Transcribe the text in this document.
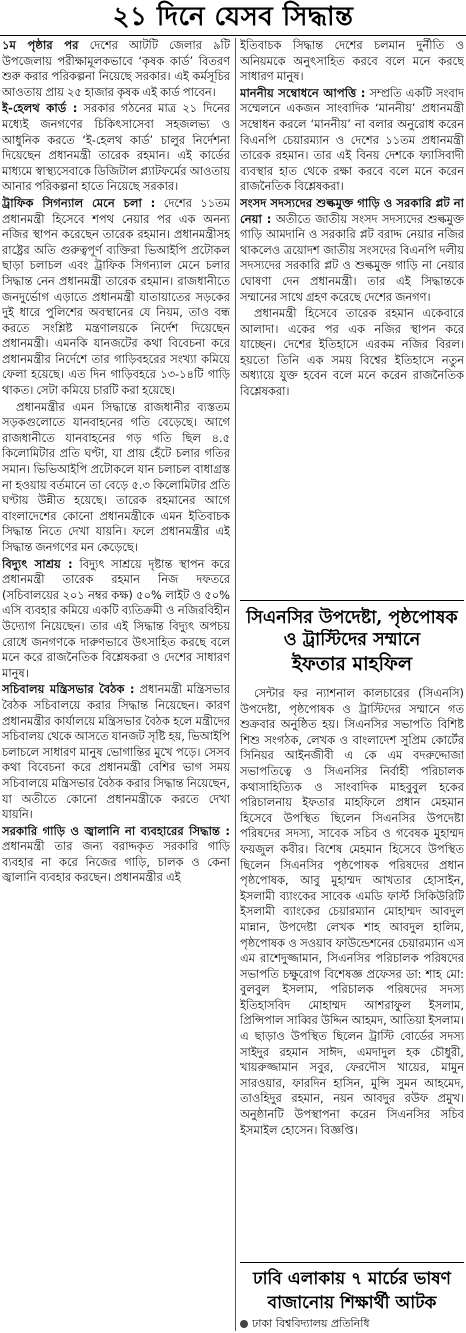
২১ দিনে যেসব সিদ্ধান্ত

১ম পৃষ্ঠার পর দেশের আটটি জেলার ৯টি উপজেলায় পরীক্ষামূলকভাবে ‘কৃষক কার্ড’ বিতরণ শুরু করার পরিকল্পনা নিয়েছে সরকার। এই কর্মসূচির আওতায় প্রায় ২৫ হাজার কৃষক এই কার্ড পাবেন।

ই-হেলথ কার্ড : সরকার গঠনের মাত্র ২১ দিনের মধ্যেই জনগণের চিকিৎসাসেবা সহজলভ্য ও আধুনিক করতে ‘ই-হেলথ কার্ড’ চালুর নির্দেশনা দিয়েছেন প্রধানমন্ত্রী তারেক রহমান। এই কার্ডের মাধ্যমে স্বাস্থ্যসেবাকে ডিজিটাল প্ল্যাটফর্মের আওতায় আনার পরিকল্পনা হাতে নিয়েছে সরকার।

ট্রাফিক সিগন্যাল মেনে চলা : দেশের ১১তম প্রধানমন্ত্রী হিসেবে শপথ নেয়ার পর এক অনন্য নজির স্থাপন করেছেন তারেক রহমান। প্রধানমন্ত্রীসহ রাষ্ট্রের অতি গুরুত্বপূর্ণ ব্যক্তিরা ভিআইপি প্রটোকল ছাড়া চলাচল এবং ট্রাফিক সিগন্যাল মেনে চলার সিদ্ধান্ত নেন প্রধানমন্ত্রী তারেক রহমান। রাজধানীতে জনদুর্ভোগ এড়াতে প্রধানমন্ত্রী যাতায়াতের সড়কের দুই ধারে পুলিশের অবস্থানের যে নিয়ম, তাও বন্ধ করতে সংশ্লিষ্ট মন্ত্রণালয়কে নির্দেশ দিয়েছেন প্রধানমন্ত্রী। এমনকি যানজটের কথা বিবেচনা করে প্রধানমন্ত্রীর নির্দেশে তার গাড়িবহরের সংখ্যা কমিয়ে ফেলা হয়েছে। এত দিন গাড়িবহরে ১৩-১৪টি গাড়ি থাকত। সেটা কমিয়ে চারটি করা হয়েছে।

প্রধানমন্ত্রীর এমন সিদ্ধান্তে রাজধানীর ব্যস্ততম সড়কগুলোতে যানবাহনের গতি বেড়েছে। আগে রাজধানীতে যানবাহনের গড় গতি ছিল ৪.৫ কিলোমিটার প্রতি ঘণ্টা, যা প্রায় হেঁটে চলার গতির সমান। ভিভিআইপি প্রটোকলে যান চলাচল বাধাগ্রস্ত না হওয়ায় বর্তমানে তা বেড়ে ৫.৩ কিলোমিটার প্রতি ঘণ্টায় উন্নীত হয়েছে। তারেক রহমানের আগে বাংলাদেশের কোনো প্রধানমন্ত্রীকে এমন ইতিবাচক সিদ্ধান্ত নিতে দেখা যায়নি। ফলে প্রধানমন্ত্রীর এই সিদ্ধান্ত জনগণের মন কেড়েছে।

বিদ্যুৎ সাশ্রয় : বিদ্যুৎ সাশ্রয়ে দৃষ্টান্ত স্থাপন করে প্রধানমন্ত্রী তারেক রহমান নিজ দফতরে (সচিবালয়ের ২০১ নম্বর কক্ষ) ৫০% লাইট ও ৫০% এসি ব্যবহার কমিয়ে একটি ব্যতিক্রমী ও নজিরবিহীন উদ্যোগ নিয়েছেন। তার এই সিদ্ধান্ত বিদ্যুৎ অপচয় রোধে জনগণকে দারুণভাবে উৎসাহিত করছে বলে মনে করে রাজনৈতিক বিশ্লেষকরা ও দেশের সাধারণ মানুষ।

সচিবালয় মন্ত্রিসভার বৈঠক : প্রধানমন্ত্রী মন্ত্রিসভার বৈঠক সচিবালয়ে করার সিদ্ধান্ত নিয়েছেন। কারণ প্রধানমন্ত্রীর কার্যালয়ে মন্ত্রিসভার বৈঠক হলে মন্ত্রীদের সচিবালয় থেকে আসতে যানজট সৃষ্টি হয়, ভিআইপি চলাচলে সাধারণ মানুষ ভোগান্তির মুখে পড়ে। সেসব কথা বিবেচনা করে প্রধানমন্ত্রী বেশির ভাগ সময় সচিবালয়ে মন্ত্রিসভার বৈঠক করার সিদ্ধান্ত নিয়েছেন, যা অতীতে কোনো প্রধানমন্ত্রীকে করতে দেখা যায়নি।

সরকারি গাড়ি ও জ্বালানি না ব্যবহারের সিদ্ধান্ত : প্রধানমন্ত্রী তার জন্য বরাদ্দকৃত সরকারি গাড়ি ব্যবহার না করে নিজের গাড়ি, চালক ও কেনা জ্বালানি ব্যবহার করছেন। প্রধানমন্ত্রীর এই

ইতিবাচক সিদ্ধান্ত দেশের চলমান দুর্নীতি ও অনিয়মকে অনুৎসাহিত করবে বলে মনে করছে সাধারণ মানুষ।

মাননীয় সম্বোধনে আপত্তি : সম্প্রতি একটি সংবাদ সম্মেলনে একজন সাংবাদিক ‘মাননীয়’ প্রধানমন্ত্রী সম্বোধন করলে ‘মাননীয়’ না বলার অনুরোধ করেন বিএনপি চেয়ারম্যান ও দেশের ১১তম প্রধানমন্ত্রী তারেক রহমান। তার এই বিনয় দেশকে ফ্যাসিবাদী ব্যবস্থার হাত থেকে রক্ষা করবে বলে মনে করেন রাজনৈতিক বিশ্লেষকরা।

সংসদ সদস্যদের শুল্কমুক্ত গাড়ি ও সরকারি প্লট না নেয়া : অতীতে জাতীয় সংসদ সদস্যদের শুল্কমুক্ত গাড়ি আমদানি ও সরকারি প্লট বরাদ্দ নেয়ার নজির থাকলেও ত্রয়োদশ জাতীয় সংসদের বিএনপি দলীয় সদস্যদের সরকারি প্লট ও শুল্কমুক্ত গাড়ি না নেয়ার ঘোষণা দেন প্রধানমন্ত্রী। তার এই সিদ্ধান্তকে সম্মানের সাথে গ্রহণ করেছে দেশের জনগণ।

প্রধানমন্ত্রী হিসেবে তারেক রহমান একেবারে আলাদা। একের পর এক নজির স্থাপন করে যাচ্ছেন। দেশের ইতিহাসে এরকম নজির বিরল। হয়তো তিনি এক সময় বিশ্বের ইতিহাসে নতুন অধ্যায়ে যুক্ত হবেন বলে মনে করেন রাজনৈতিক বিশ্লেষকরা।

সিএনসির উপদেষ্টা, পৃষ্ঠপোষক
ও ট্রাস্টিদের সম্মানে
ইফতার মাহফিল

সেন্টার ফর ন্যাশনাল কালচারের (সিএনসি) উপদেষ্টা, পৃষ্ঠপোষক ও ট্রাস্টিদের সম্মানে গত শুক্রবার অনুষ্ঠিত হয়। সিএনসির সভাপতি বিশিষ্ট শিশু সংগঠক, লেখক ও বাংলাদেশ সুপ্রিম কোর্টের সিনিয়র আইনজীবী এ কে এম বদরুদ্দোজা সভাপতিত্বে ও সিএনসির নির্বাহী পরিচালক কথাসাহিত্যিক ও সাংবাদিক মাহবুবুল হকের পরিচালনায় ইফতার মাহফিলে প্রধান মেহমান হিসেবে উপস্থিত ছিলেন সিএনসির উপদেষ্টা পরিষদের সদস্য, সাবেক সচিব ও গবেষক মুহাম্মদ ফয়জুল কবীর। বিশেষ মেহমান হিসেবে উপস্থিত ছিলেন সিএনসির পৃষ্ঠপোষক পরিষদের প্রধান পৃষ্ঠপোষক, আবু মুহাম্মদ আখতার হোসাইন, ইসলামী ব্যাংকের সাবেক এমডি ফার্স্ট সিকিউরিটি ইসলামী ব্যাংকের চেয়ারম্যান মোহাম্মদ আবদুল মান্নান, উপদেষ্টা লেখক শাহ আবদুল হালিম, পৃষ্ঠপোষক ও সওয়াব ফাউন্ডেশনের চেয়ারম্যান এস এম রাশেদুজ্জামান, সিএনসির পরিচালক পরিষদের সভাপতি চক্ষুরোগ বিশেষজ্ঞ প্রফেসর ডা: শাহ মো: বুলবুল ইসলাম, পরিচালক পরিষদের সদস্য ইতিহাসবিদ মোহাম্মদ আশরাফুল ইসলাম, প্রিন্সিপাল সাব্বির উদ্দিন আহমদ, আতিয়া ইসলাম। এ ছাড়াও উপস্থিত ছিলেন ট্রাস্টি বোর্ডের সদস্য সাইদুর রহমান সাঈদ, এমদাদুল হক চৌধুরী, খায়রুজ্জামান সবুর, ফেরদৌস খায়ের, মামুন সারওয়ার, ফারদিন হাসিন, মুন্সি সুমন আহমেদ, তাওহিদুর রহমান, নয়ন আবদুর রউফ প্রমুখ। অনুষ্ঠানটি উপস্থাপনা করেন সিএনসির সচিব ইসমাইল হোসেন। বিজ্ঞপ্তি।

ঢাবি এলাকায় ৭ মার্চের ভাষণ
বাজানোয় শিক্ষার্থী আটক
ঢাকা বিশ্ববিদ্যালয় প্রতিনিধি
